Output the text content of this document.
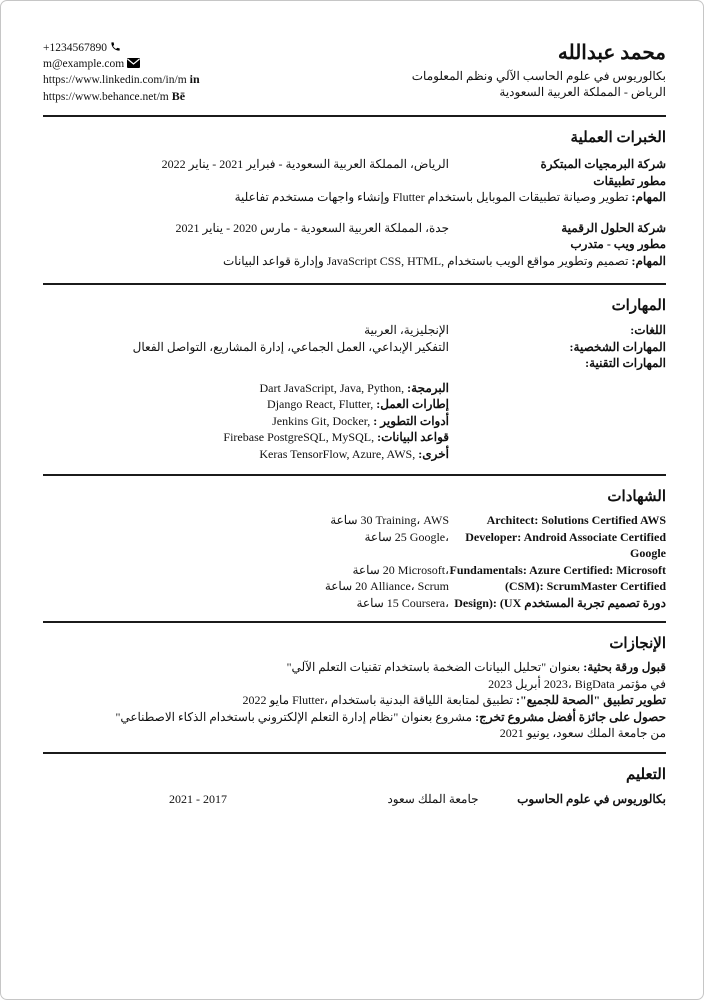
+1234567890
m@example.com
https://www.linkedin.com/in/m in
https://www.behance.net/m Bē
محمد عبدالله
بكالوريوس في علوم الحاسب الآلي ونظم المعلومات
الرياض - المملكة العربية السعودية
الخبرات العملية
الرياض، المملكة العربية السعودية - فبراير 2021 - يناير 2022	شركة البرمجيات المبتكرة
مطور تطبيقات
وإنشاء واجهات مستخدم تفاعلية Flutter	المهام: تطوير وصيانة تطبيقات الموبايل باستخدام
جدة، المملكة العربية السعودية - مارس 2020 - يناير 2021	شركة الحلول الرقمية
مطور ويب - متدرب
وإدارة قواعد البيانات JavaScript CSS, HTML,	المهام: تصميم وتطوير مواقع الويب باستخدام
المهارات
الإنجليزية، العربية	اللغات:
التفكير الإبداعي، العمل الجماعي، إدارة المشاريع، التواصل الفعال	المهارات الشخصية:
المهارات التقنية:
Dart JavaScript, Java, Python, البرمجة:
Django React, Flutter, إطارات العمل:
Jenkins Git, Docker, أدوات التطوير :
Firebase PostgreSQL, MySQL, قواعد البيانات:
Keras TensorFlow, Azure, AWS, أخرى:
الشهادات
ساعة 30 Training، AWS	Architect: Solutions Certified AWS
ساعة 25 Google،	Developer: Android Associate Certified Google
ساعة 20 Microsoft، Fundamentals: Azure Certified: Microsoft
ساعة 20 Alliance، Scrum	(CSM): ScrumMaster Certified
ساعة 15 Coursera، Design): (UX دورة تصميم تجربة المستخدم
الإنجازات
قبول ورقة بحثية: بعنوان "تحليل البيانات الضخمة باستخدام تقنيات التعلم الآلي"
2023 أبريل 2023، BigData في مؤتمر
2022 مايو Flutter، تطبيق لمتابعة اللياقة البدنية باستخدام تطوير تطبيق "الصحة للجميع":
حصول على جائزة أفضل مشروع تخرج: مشروع بعنوان "نظام إدارة التعلم الإلكتروني باستخدام الذكاء الاصطناعي"
من جامعة الملك سعود، يونيو 2021
التعليم
2021 - 2017	جامعة الملك سعود	بكالوريوس في علوم الحاسوب
